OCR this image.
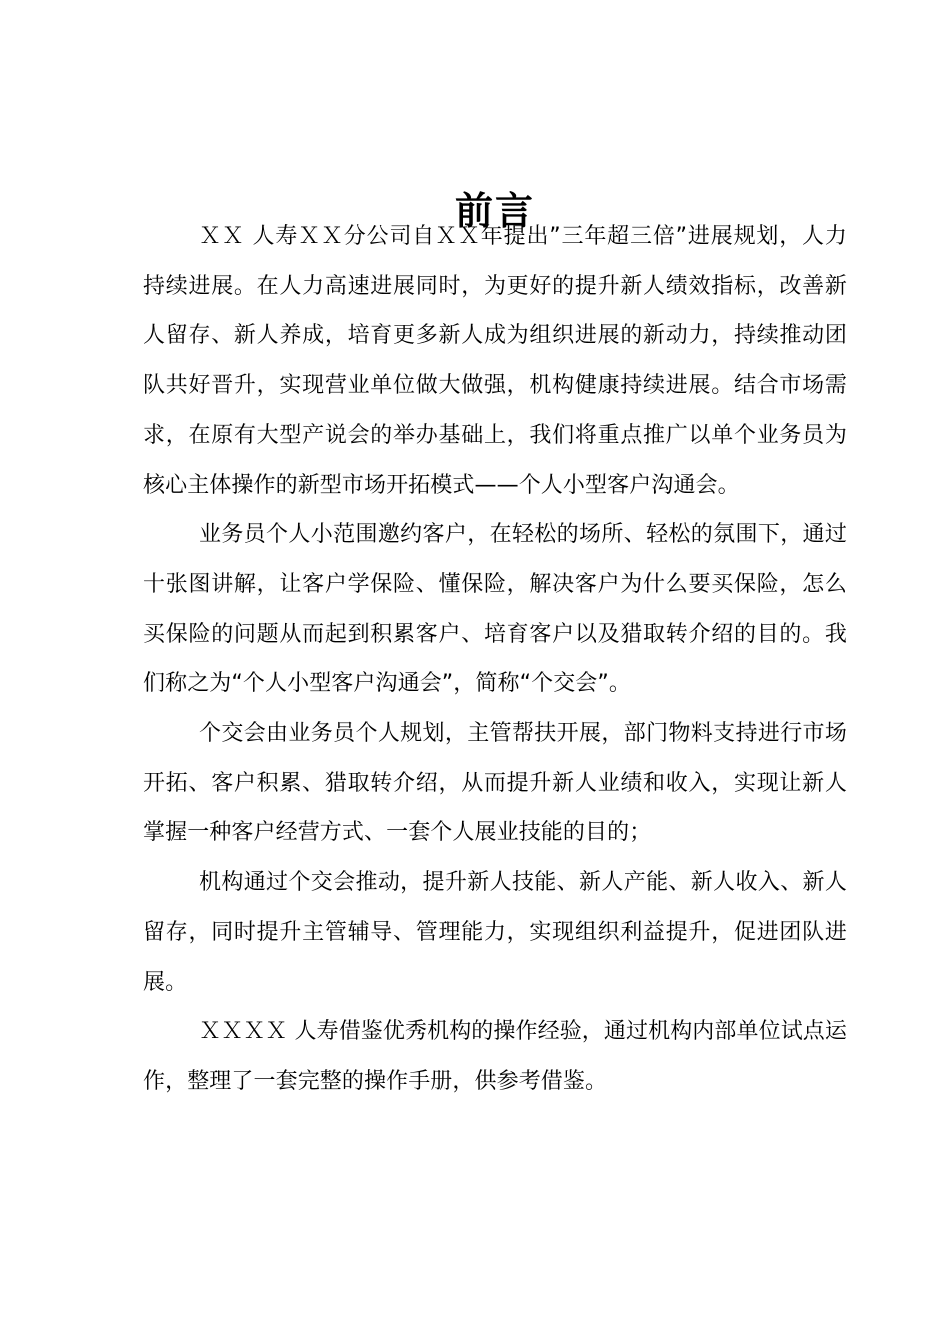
前言

ＸＸ 人寿ＸＸ分公司自ＸＸ年提出”三年超三倍”进展规划，人力持续进展。在人力高速进展同时，为更好的提升新人绩效指标，改善新人留存、新人养成，培育更多新人成为组织进展的新动力，持续推动团队共好晋升，实现营业单位做大做强，机构健康持续进展。结合市场需求，在原有大型产说会的举办基础上，我们将重点推广以单个业务员为核心主体操作的新型市场开拓模式——个人小型客户沟通会。

业务员个人小范围邀约客户，在轻松的场所、轻松的氛围下，通过十张图讲解，让客户学保险、懂保险，解决客户为什么要买保险，怎么买保险的问题从而起到积累客户、培育客户以及猎取转介绍的目的。我们称之为“个人小型客户沟通会”，简称“个交会”。

个交会由业务员个人规划，主管帮扶开展，部门物料支持进行市场开拓、客户积累、猎取转介绍，从而提升新人业绩和收入，实现让新人掌握一种客户经营方式、一套个人展业技能的目的；

机构通过个交会推动，提升新人技能、新人产能、新人收入、新人留存，同时提升主管辅导、管理能力，实现组织利益提升，促进团队进展。

ＸＸＸＸ 人寿借鉴优秀机构的操作经验，通过机构内部单位试点运作，整理了一套完整的操作手册，供参考借鉴。
